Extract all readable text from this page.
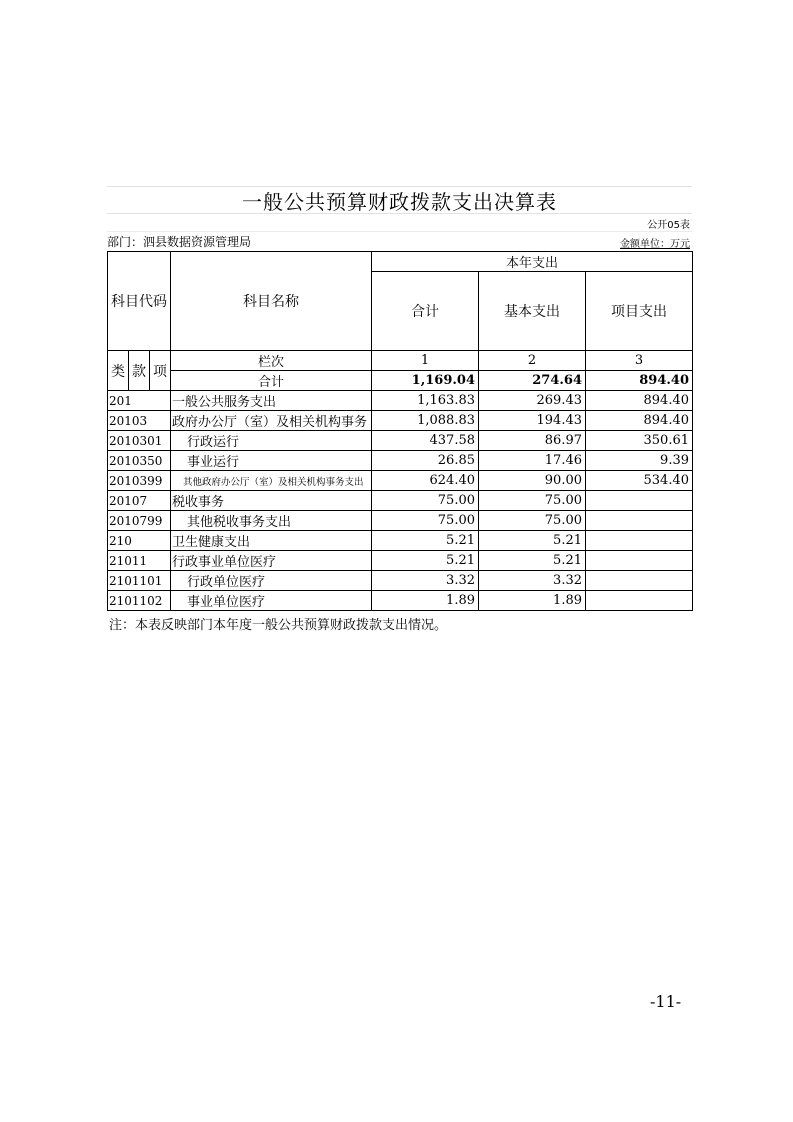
一般公共预算财政拨款支出决算表
公开05表
部门：泗县数据资源管理局	金额单位：万元
科目代码			科目名称	本年支出		
				合计	基本支出	项目支出
类	款	项	栏次	1	2	3
			合计	1,169.04	274.64	894.40
201			一般公共服务支出	1,163.83	269.43	894.40
20103			政府办公厅（室）及相关机构事务	1,088.83	194.43	894.40
2010301			行政运行	437.58	86.97	350.61
2010350			事业运行	26.85	17.46	9.39
2010399			其他政府办公厅（室）及相关机构事务支出	624.40	90.00	534.40
20107			税收事务	75.00	75.00	
2010799			其他税收事务支出	75.00	75.00	
210			卫生健康支出	5.21	5.21	
21011			行政事业单位医疗	5.21	5.21	
2101101			行政单位医疗	3.32	3.32	
2101102			事业单位医疗	1.89	1.89	
注：本表反映部门本年度一般公共预算财政拨款支出情况。
-11-
